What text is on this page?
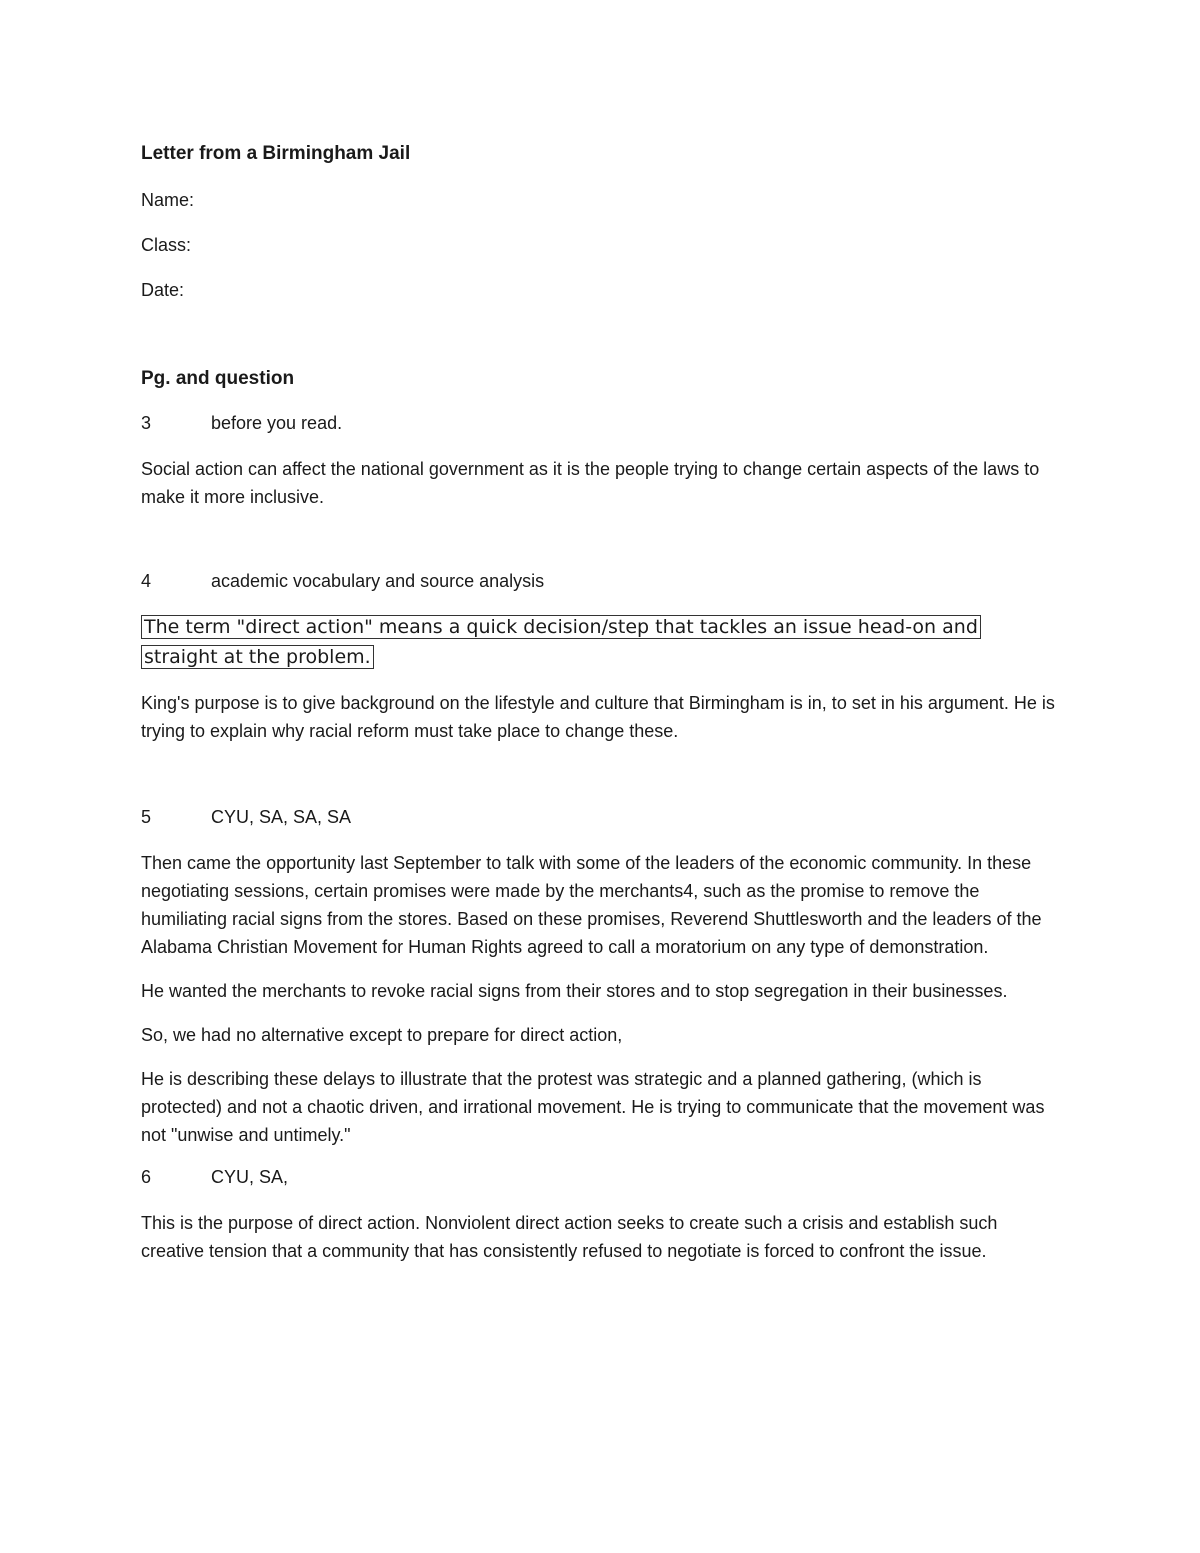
Letter from a Birmingham Jail
Name:
Class:
Date:
Pg. and question
3	before you read.
Social action can affect the national government as it is the people trying to change certain aspects of the laws to make it more inclusive.
4	academic vocabulary and source analysis
The term "direct action" means a quick decision/step that tackles an issue head-on and straight at the problem.
King's purpose is to give background on the lifestyle and culture that Birmingham is in, to set in his argument. He is trying to explain why racial reform must take place to change these.
5	CYU, SA, SA, SA
Then came the opportunity last September to talk with some of the leaders of the economic community. In these negotiating sessions, certain promises were made by the merchants4, such as the promise to remove the humiliating racial signs from the stores. Based on these promises, Reverend Shuttlesworth and the leaders of the Alabama Christian Movement for Human Rights agreed to call a moratorium on any type of demonstration.
He wanted the merchants to revoke racial signs from their stores and to stop segregation in their businesses.
So, we had no alternative except to prepare for direct action,
He is describing these delays to illustrate that the protest was strategic and a planned gathering, (which is protected) and not a chaotic driven, and irrational movement. He is trying to communicate that the movement was not "unwise and untimely."
6	CYU, SA,
This is the purpose of direct action. Nonviolent direct action seeks to create such a crisis and establish such creative tension that a community that has consistently refused to negotiate is forced to confront the issue.
